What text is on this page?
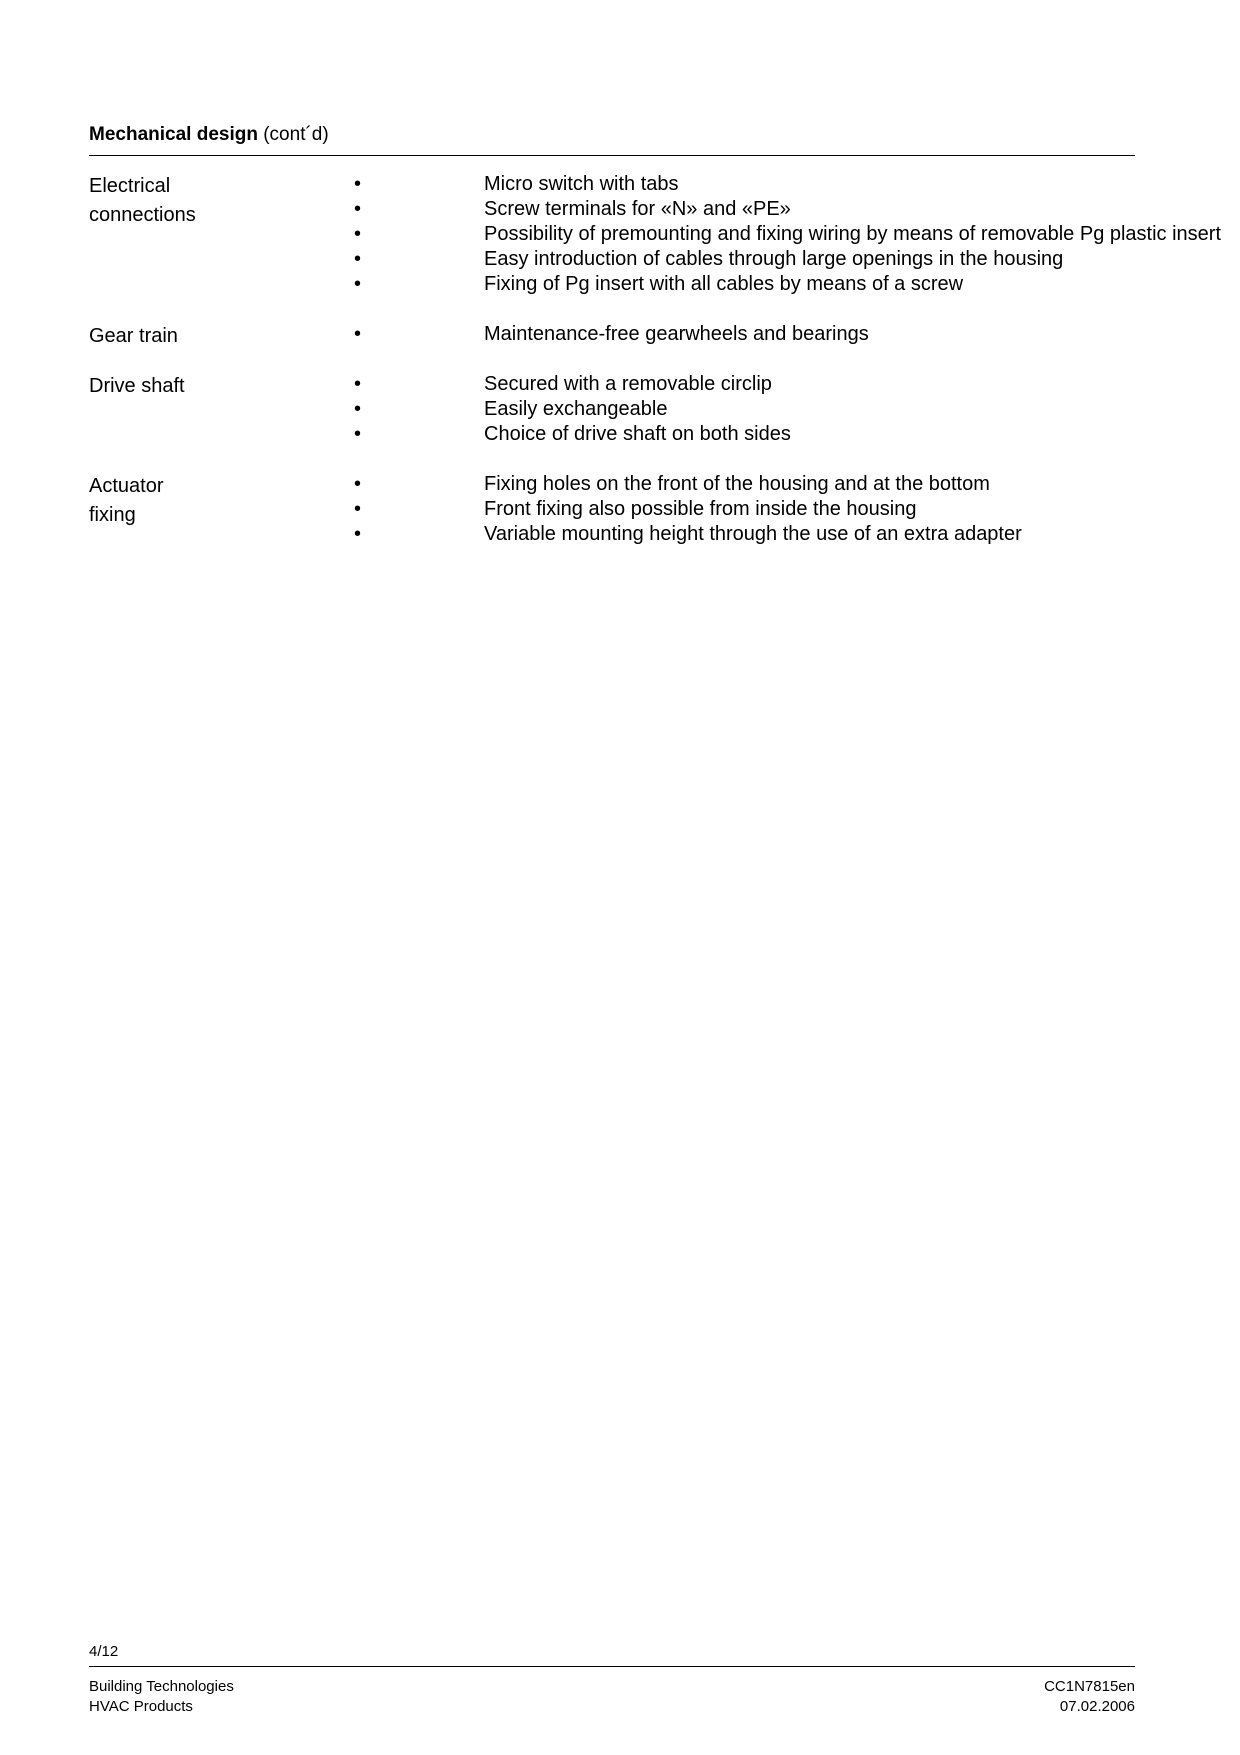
Mechanical design (cont´d)
Electrical
connections
•	Micro switch with tabs
•	Screw terminals for «N» and «PE»
•	Possibility of premounting and fixing wiring by means of removable Pg plastic insert
•	Easy introduction of cables through large openings in the housing
•	Fixing of Pg insert with all cables by means of a screw
Gear train	•	Maintenance-free gearwheels and bearings
Drive shaft	•	Secured with a removable circlip
•	Easily exchangeable
•	Choice of drive shaft on both sides
Actuator
fixing
•	Fixing holes on the front of the housing and at the bottom
•	Front fixing also possible from inside the housing
•	Variable mounting height through the use of an extra adapter
4/12
Building Technologies
HVAC Products
CC1N7815en
07.02.2006
